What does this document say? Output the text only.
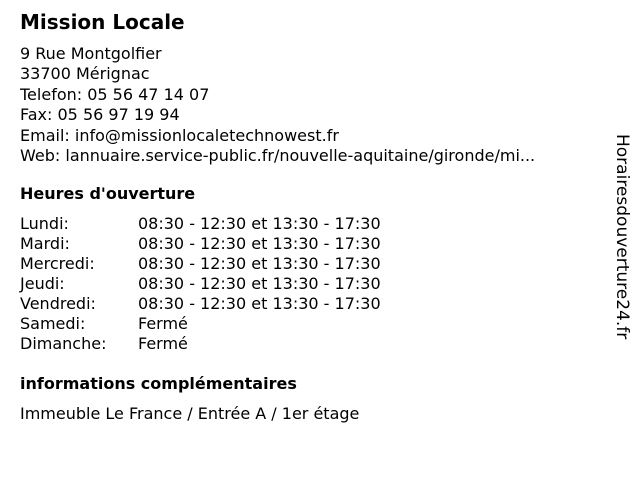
Mission Locale
9 Rue Montgolfier
33700 Mérignac
Telefon: 05 56 47 14 07
Fax: 05 56 97 19 94
Email: info@missionlocaletechnowest.fr
Web: lannuaire.service-public.fr/nouvelle-aquitaine/gironde/mi...
Heures d'ouverture
Lundi:	08:30 - 12:30 et 13:30 - 17:30
Mardi:	08:30 - 12:30 et 13:30 - 17:30
Mercredi:	08:30 - 12:30 et 13:30 - 17:30
Jeudi:	08:30 - 12:30 et 13:30 - 17:30
Vendredi:	08:30 - 12:30 et 13:30 - 17:30
Samedi:	Fermé
Dimanche:	Fermé
informations complémentaires
Immeuble Le France / Entrée A / 1er étage
Horairesdouverture24.fr
